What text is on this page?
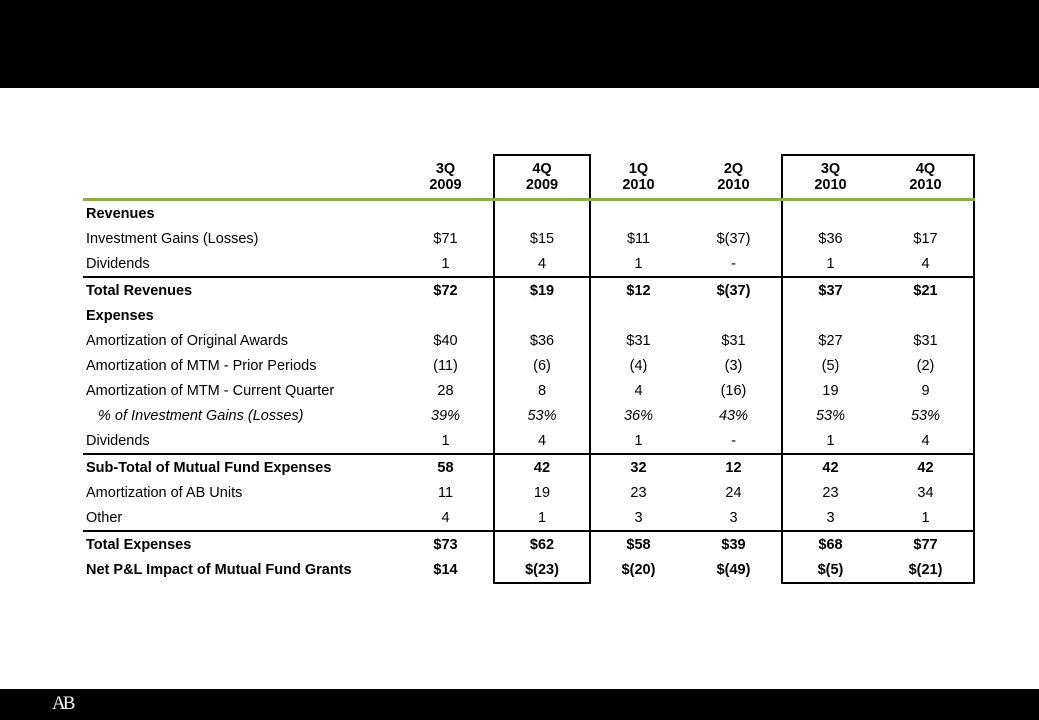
	3Q	4Q	1Q	2Q	3Q	4Q
	2009	2009	2010	2010	2010	2010
Revenues						
Investment Gains (Losses)	$71	$15	$11	$(37)	$36	$17
Dividends	1	4	1	-	1	4
Total Revenues	$72	$19	$12	$(37)	$37	$21
Expenses						
Amortization of Original Awards	$40	$36	$31	$31	$27	$31
Amortization of MTM - Prior Periods	(11)	(6)	(4)	(3)	(5)	(2)
Amortization of MTM - Current Quarter	28	8	4	(16)	19	9
% of Investment Gains (Losses)	39%	53%	36%	43%	53%	53%
Dividends	1	4	1	-	1	4
Sub-Total of Mutual Fund Expenses	58	42	32	12	42	42
Amortization of AB Units	11	19	23	24	23	34
Other	4	1	3	3	3	1
Total Expenses	$73	$62	$58	$39	$68	$77
Net P&L Impact of Mutual Fund Grants	$14	$(23)	$(20)	$(49)	$(5)	$(21)
AB
